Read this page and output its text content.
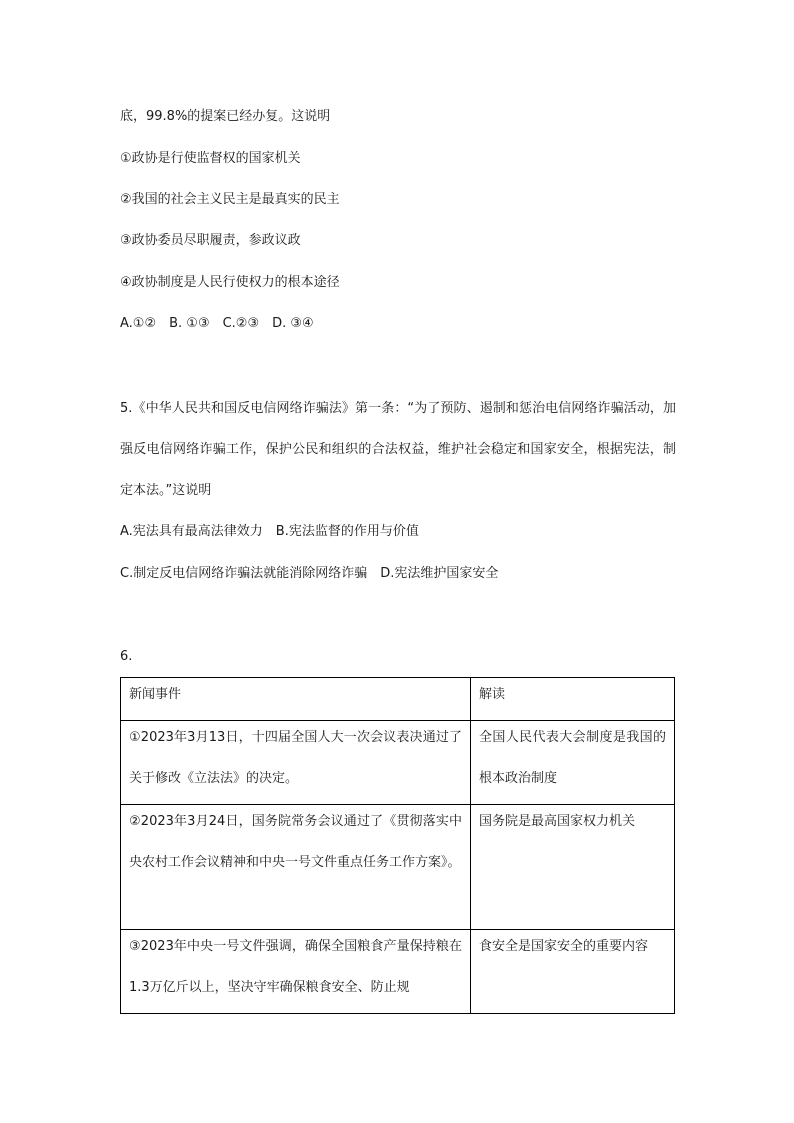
底，99.8%的提案已经办复。这说明
①政协是行使监督权的国家机关
②我国的社会主义民主是最真实的民主
③政协委员尽职履责，参政议政
④政协制度是人民行使权力的根本途径
A.①②　B. ①③　C.②③　D. ③④
5.《中华人民共和国反电信网络诈骗法》第一条：“为了预防、遏制和惩治电信网络诈骗活动，加强反电信网络诈骗工作，保护公民和组织的合法权益，维护社会稳定和国家安全，根据宪法，制定本法。”这说明
A.宪法具有最高法律效力　B.宪法监督的作用与价值
C.制定反电信网络诈骗法就能消除网络诈骗　D.宪法维护国家安全
6.
新闻事件	解读

①2023年3月13日，十四届全国人大一次会议表决通过了关于修改《立法法》的决定。	全国人民代表大会制度是我国的根本政治制度

②2023年3月24日，国务院常务会议通过了《贯彻落实中央农村工作会议精神和中央一号文件重点任务工作方案》。	国务院是最高国家权力机关

③2023年中央一号文件强调，确保全国粮食产量保持粮在1.3万亿斤以上，坚决守牢确保粮食安全、防止规	食安全是国家安全的重要内容
